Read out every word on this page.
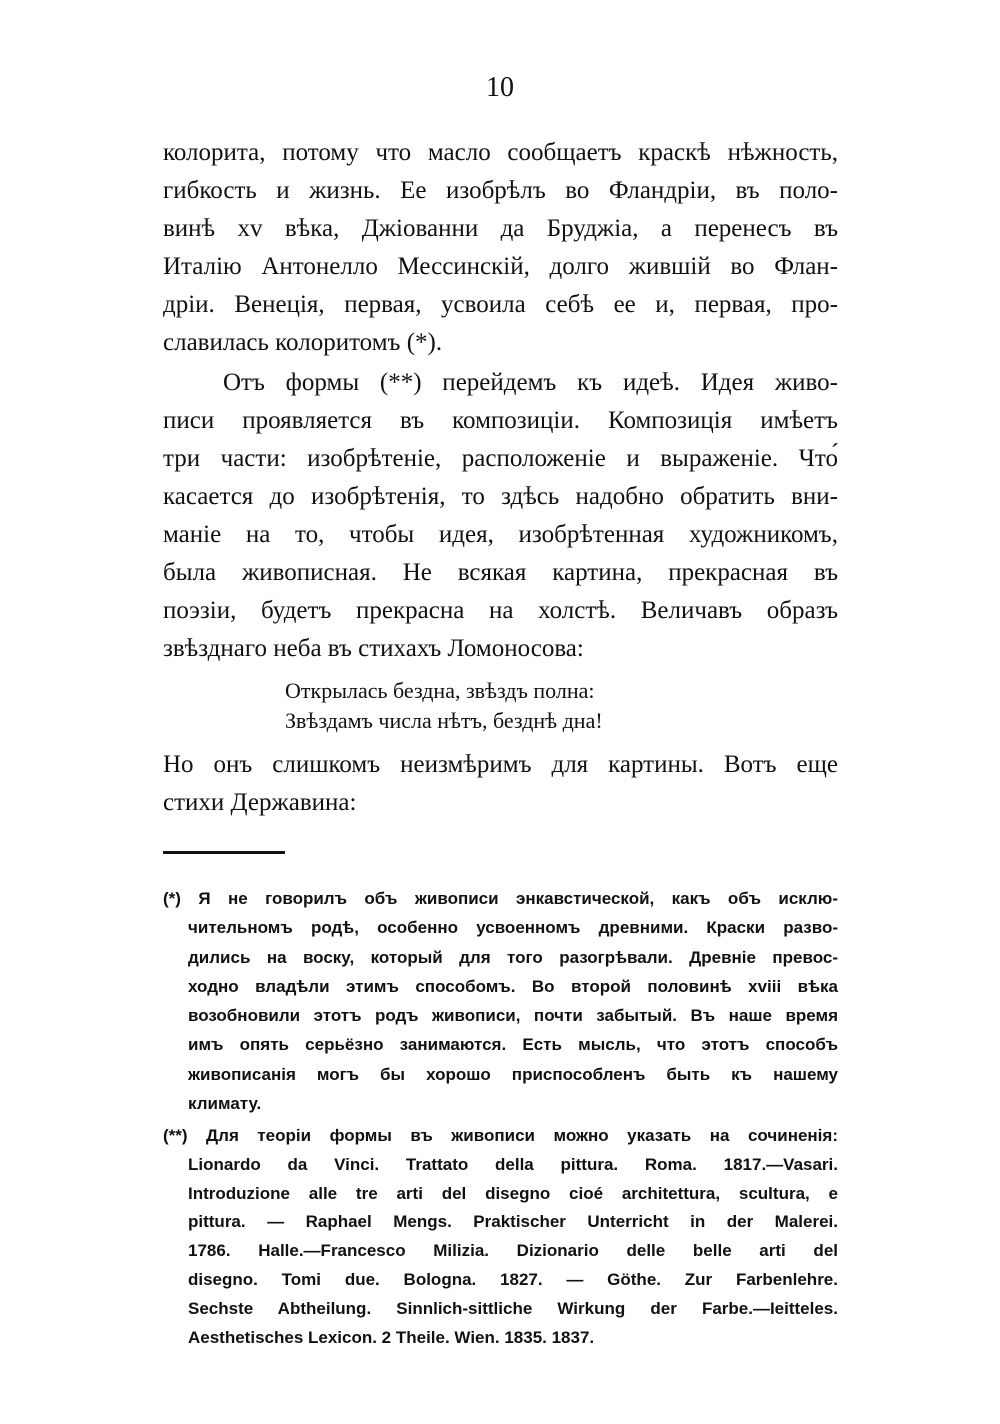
10
колорита, потому что масло сообщаетъ краскѣ нѣжность,
гибкость и жизнь. Ее изобрѣлъ во Фландріи, въ поло-
винѣ xv вѣка, Джіованни да Бруджіа, а перенесъ въ
Италію Антонелло Мессинскій, долго жившій во Флан-
дріи. Венеція, первая, усвоила себѣ ее и, первая, про-
славилась колоритомъ (*).
Отъ формы (**) перейдемъ къ идеѣ. Идея живо-
писи проявляется въ композиціи. Композиція имѣетъ
три части: изобрѣтеніе, расположеніе и выраженіе. Что́
касается до изобрѣтенія, то здѣсь надобно обратить вни-
маніе на то, чтобы идея, изобрѣтенная художникомъ,
была живописная. Не всякая картина, прекрасная въ
поэзіи, будетъ прекрасна на холстѣ. Величавъ образъ
звѣзднаго неба въ стихахъ Ломоносова:
Открылась бездна, звѣздъ полна:
Звѣздамъ числа нѣтъ, безднѣ дна!
Но онъ слишкомъ неизмѣримъ для картины. Вотъ еще
стихи Державина:
(*) Я не говорилъ объ живописи энкавстической, какъ объ исклю-
чительномъ родѣ, особенно усвоенномъ древними. Краски разво-
дились на воску, который для того разогрѣвали. Древніе превос-
ходно владѣли этимъ способомъ. Во второй половинѣ xviii вѣка
возобновили этотъ родъ живописи, почти забытый. Въ наше время
имъ опять серьёзно занимаются. Есть мысль, что этотъ способъ
живописанія могъ бы хорошо приспособленъ быть къ нашему
климату.
(**) Для теоріи формы въ живописи можно указать на сочиненія:
Lionardo da Vinci. Trattato della pittura. Roma. 1817.—Vasari.
Introduzione alle tre arti del disegno cioé architettura, scultura, e
pittura. — Raphael Mengs. Praktischer Unterricht in der Malerei.
1786. Halle.—Francesco Milizia. Dizionario delle belle arti del
disegno. Tomi due. Bologna. 1827. — Göthe. Zur Farbenlehre.
Sechste Abtheilung. Sinnlich-sittliche Wirkung der Farbe.—Ieitteles.
Aesthetisches Lexicon. 2 Theile. Wien. 1835. 1837.
